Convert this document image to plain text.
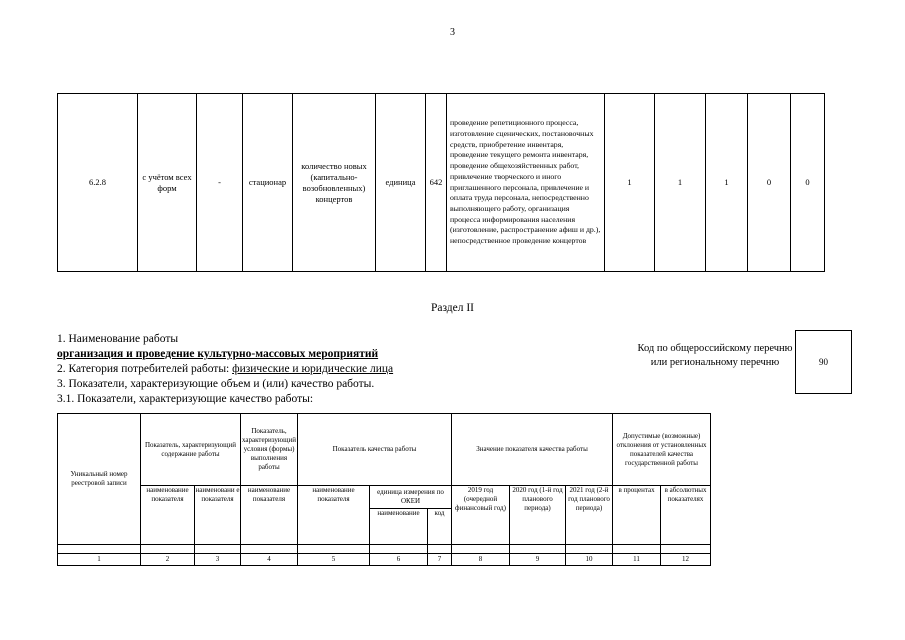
3
6.2.8	с учётом всех форм	-	стационар	количество новых (капитально-возобновленных) концертов	единица	642	проведение репетиционного процесса, изготовление сценических, постановочных средств, приобретение инвентаря, проведение текущего ремонта инвентаря, проведение общехозяйственных работ, привлечение творческого и иного приглашенного персонала, привлечение и оплата труда персонала, непосредственно выполняющего работу, организация процесса информирования населения (изготовление, распространение афиш и др.), непосредственное проведение концертов	1	1	1	0	0
Раздел II
1. Наименование работы
организация и проведение культурно-массовых мероприятий
2. Категория потребителей работы: физические и юридические лица
3. Показатели, характеризующие объем и (или) качество работы.
3.1. Показатели, характеризующие качество работы:
Код по общероссийскому перечню или региональному перечню	90
Уникальный номер реестровой записи	Показатель, характеризующий содержание работы		Показатель, характеризующий условия (формы) выполнения работы	Показатель качества работы			Значение показателя качества работы			Допустимые (возможные) отклонения от установленных показателей качества государственной работы	
	наименование показателя	наименовани е показателя	наименование показателя	наименование показателя	единица измерения по ОКЕИ		2019 год (очередной финансовый год)	2020 год (1-й год планового периода)	2021 год (2-й год планового периода)	в процентах	в абсолютных показателях
					наименование	код					

1	2	3	4	5	6	7	8	9	10	11	12
